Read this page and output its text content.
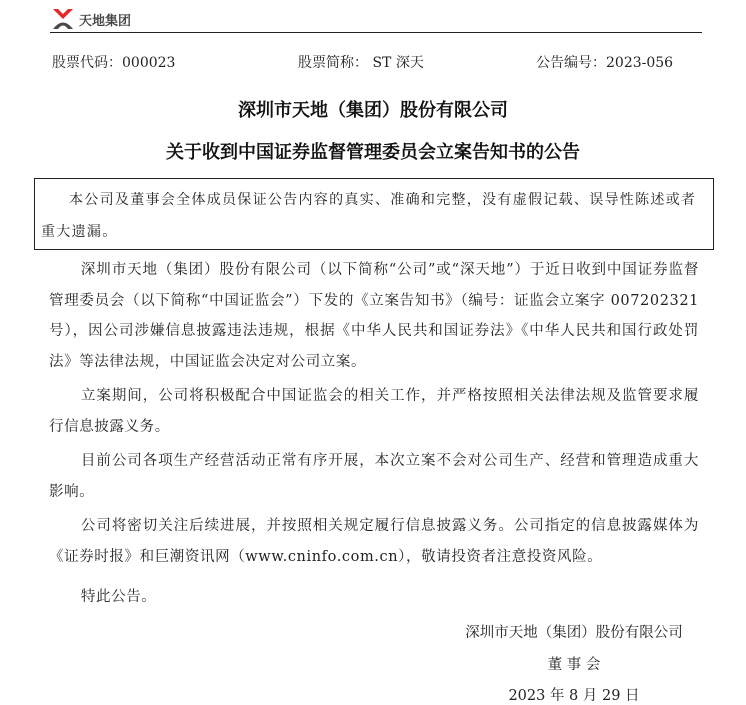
天地集团
股票代码：000023	股票简称： ST 深天	公告编号：2023-056
深圳市天地（集团）股份有限公司
关于收到中国证券监督管理委员会立案告知书的公告
本公司及董事会全体成员保证公告内容的真实、准确和完整，没有虚假记载、误导性陈述或者重大遗漏。

深圳市天地（集团）股份有限公司（以下简称“公司”或“深天地”）于近日收到中国证券监督管理委员会（以下简称“中国证监会”）下发的《立案告知书》（编号：证监会立案字 007202321 号），因公司涉嫌信息披露违法违规，根据《中华人民共和国证券法》《中华人民共和国行政处罚法》等法律法规，中国证监会决定对公司立案。

立案期间，公司将积极配合中国证监会的相关工作，并严格按照相关法律法规及监管要求履行信息披露义务。

目前公司各项生产经营活动正常有序开展，本次立案不会对公司生产、经营和管理造成重大影响。

公司将密切关注后续进展，并按照相关规定履行信息披露义务。公司指定的信息披露媒体为《证券时报》和巨潮资讯网（www.cninfo.com.cn），敬请投资者注意投资风险。

特此公告。

深圳市天地（集团）股份有限公司
董 事 会
2023 年 8 月 29 日
